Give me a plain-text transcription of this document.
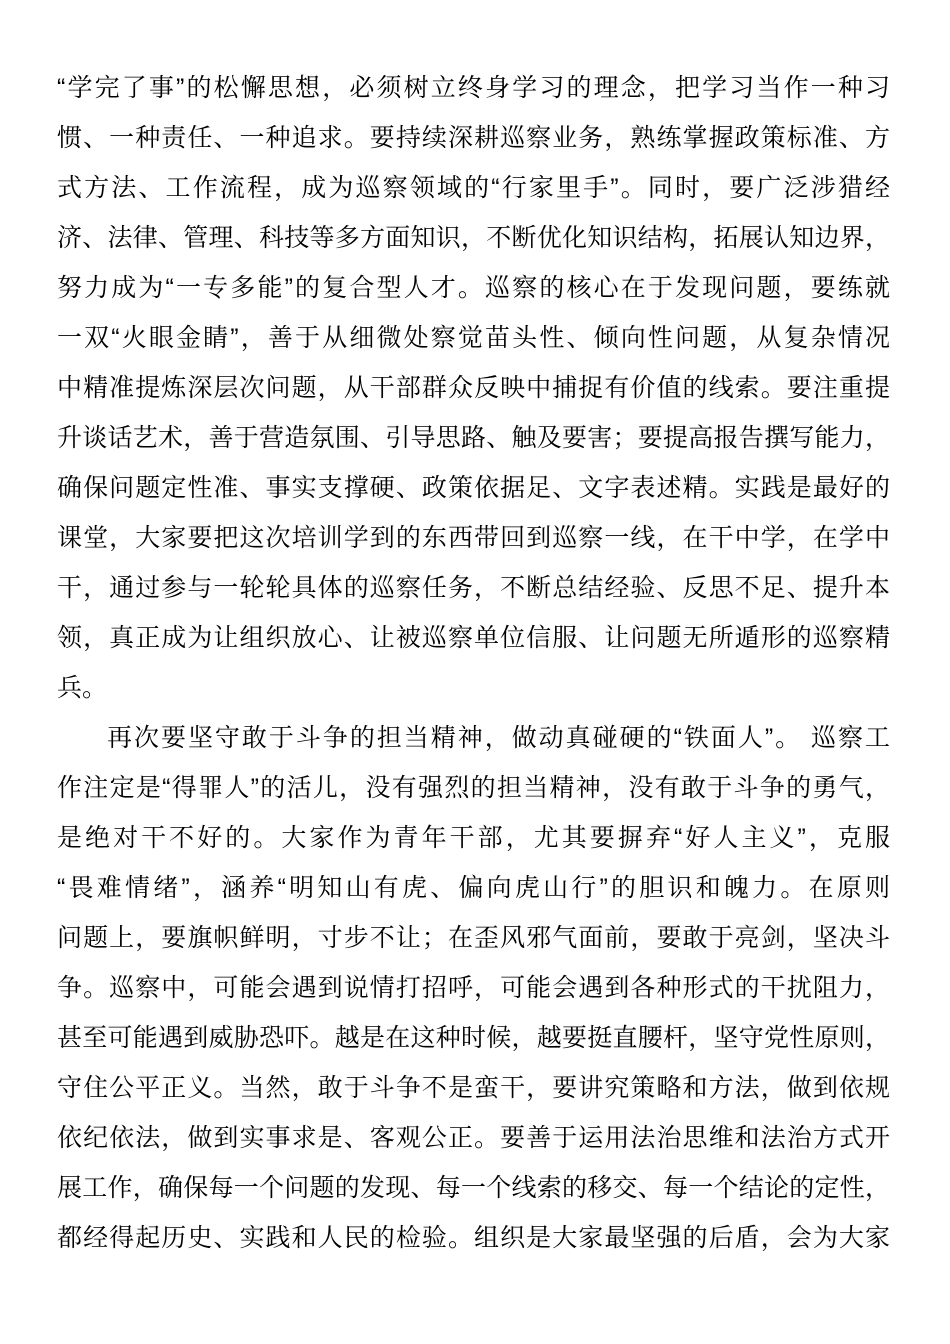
“学完了事”的松懈思想，必须树立终身学习的理念，把学习当作一种习
惯、一种责任、一种追求。要持续深耕巡察业务，熟练掌握政策标准、方
式方法、工作流程，成为巡察领域的“行家里手”。同时，要广泛涉猎经
济、法律、管理、科技等多方面知识，不断优化知识结构，拓展认知边界，
努力成为“一专多能”的复合型人才。巡察的核心在于发现问题，要练就
一双“火眼金睛”，善于从细微处察觉苗头性、倾向性问题，从复杂情况
中精准提炼深层次问题，从干部群众反映中捕捉有价值的线索。要注重提
升谈话艺术，善于营造氛围、引导思路、触及要害；要提高报告撰写能力，
确保问题定性准、事实支撑硬、政策依据足、文字表述精。实践是最好的
课堂，大家要把这次培训学到的东西带回到巡察一线，在干中学，在学中
干，通过参与一轮轮具体的巡察任务，不断总结经验、反思不足、提升本
领，真正成为让组织放心、让被巡察单位信服、让问题无所遁形的巡察精
兵。
再次要坚守敢于斗争的担当精神，做动真碰硬的“铁面人”。 巡察工
作注定是“得罪人”的活儿，没有强烈的担当精神，没有敢于斗争的勇气，
是绝对干不好的。大家作为青年干部，尤其要摒弃“好人主义”，克服
“畏难情绪”，涵养“明知山有虎、偏向虎山行”的胆识和魄力。在原则
问题上，要旗帜鲜明，寸步不让；在歪风邪气面前，要敢于亮剑，坚决斗
争。巡察中，可能会遇到说情打招呼，可能会遇到各种形式的干扰阻力，
甚至可能遇到威胁恐吓。越是在这种时候，越要挺直腰杆，坚守党性原则，
守住公平正义。当然，敢于斗争不是蛮干，要讲究策略和方法，做到依规
依纪依法，做到实事求是、客观公正。要善于运用法治思维和法治方式开
展工作，确保每一个问题的发现、每一个线索的移交、每一个结论的定性，
都经得起历史、实践和人民的检验。组织是大家最坚强的后盾，会为大家
